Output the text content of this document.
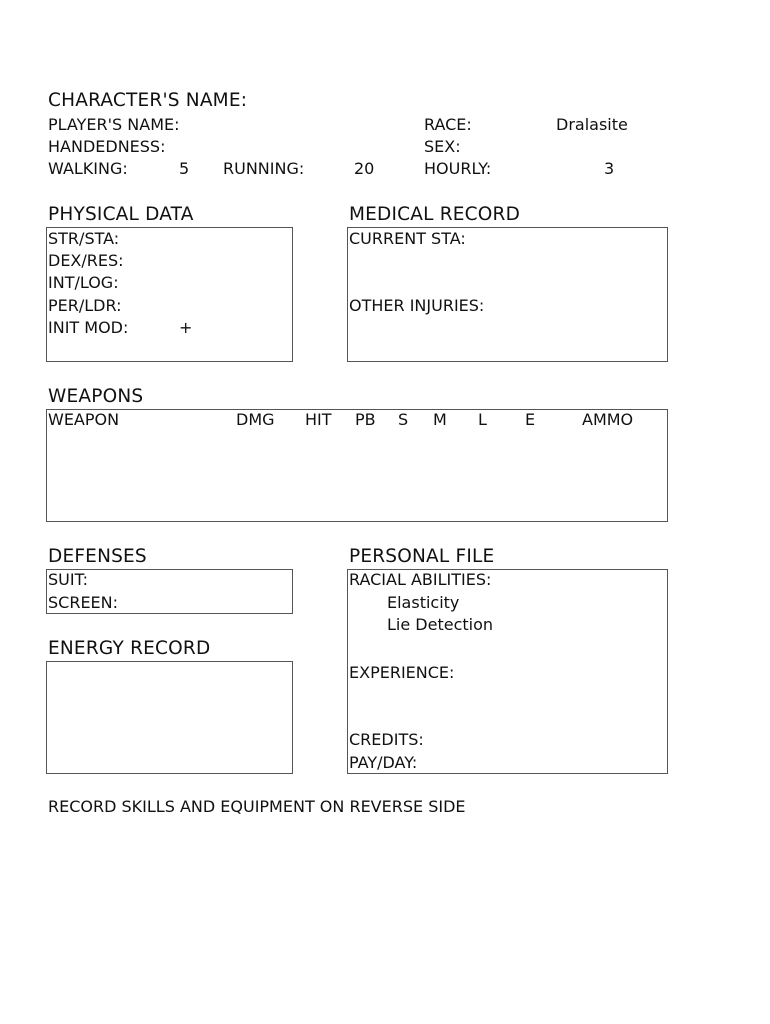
CHARACTER'S NAME:
PLAYER'S NAME:
HANDEDNESS:
WALKING:	5 RUNNING:	20
RACE:	Dralasite
SEX:
HOURLY:	3
PHYSICAL DATA
STR/STA:
DEX/RES:
INT/LOG:
PER/LDR:
INIT MOD:	+
MEDICAL RECORD
CURRENT STA:
OTHER INJURIES:
WEAPONS
WEAPON	DMG HIT PB S M L E	AMMO
DEFENSES
SUIT:
SCREEN:
ENERGY RECORD
PERSONAL FILE
RACIAL ABILITIES:
Elasticity
Lie Detection
EXPERIENCE:
CREDITS:
PAY/DAY:
RECORD SKILLS AND EQUIPMENT ON REVERSE SIDE
